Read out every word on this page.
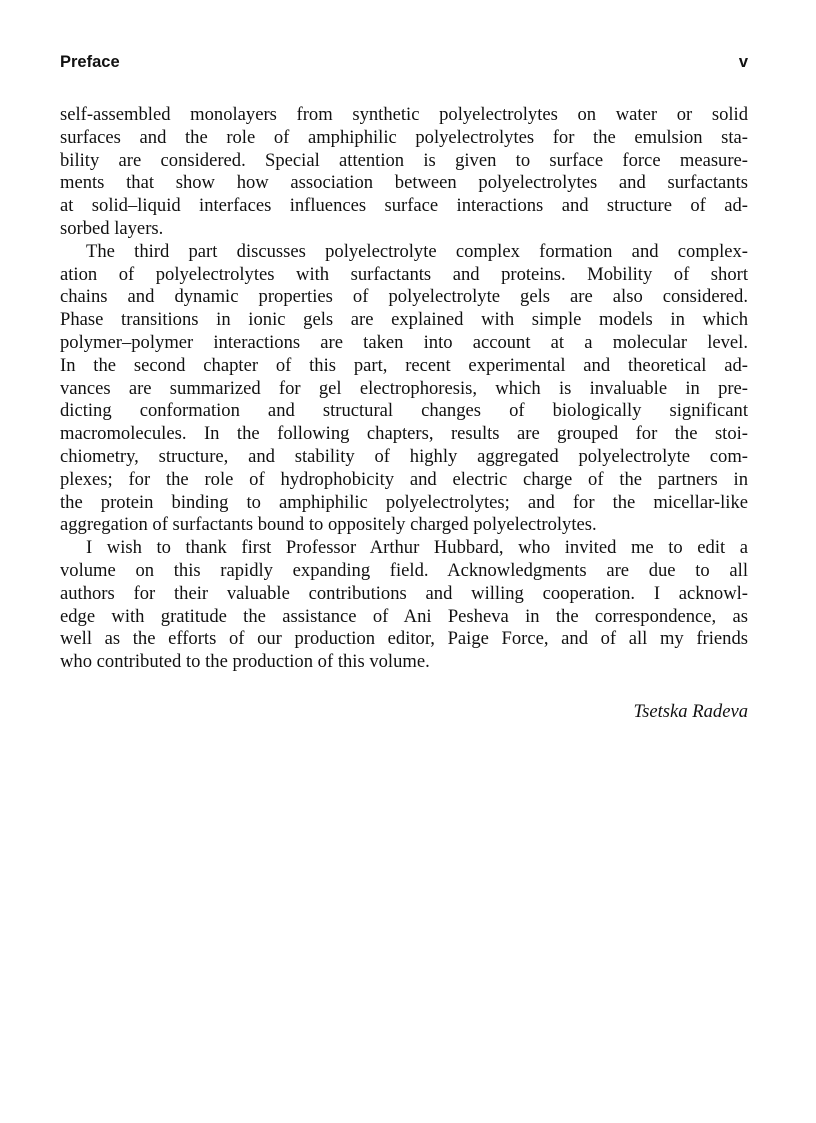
Preface	v
self-assembled monolayers from synthetic polyelectrolytes on water or solid
surfaces and the role of amphiphilic polyelectrolytes for the emulsion sta-
bility are considered. Special attention is given to surface force measure-
ments that show how association between polyelectrolytes and surfactants
at solid–liquid interfaces influences surface interactions and structure of ad-
sorbed layers.
The third part discusses polyelectrolyte complex formation and complex-
ation of polyelectrolytes with surfactants and proteins. Mobility of short
chains and dynamic properties of polyelectrolyte gels are also considered.
Phase transitions in ionic gels are explained with simple models in which
polymer–polymer interactions are taken into account at a molecular level.
In the second chapter of this part, recent experimental and theoretical ad-
vances are summarized for gel electrophoresis, which is invaluable in pre-
dicting conformation and structural changes of biologically significant
macromolecules. In the following chapters, results are grouped for the stoi-
chiometry, structure, and stability of highly aggregated polyelectrolyte com-
plexes; for the role of hydrophobicity and electric charge of the partners in
the protein binding to amphiphilic polyelectrolytes; and for the micellar-like
aggregation of surfactants bound to oppositely charged polyelectrolytes.
I wish to thank first Professor Arthur Hubbard, who invited me to edit a
volume on this rapidly expanding field. Acknowledgments are due to all
authors for their valuable contributions and willing cooperation. I acknowl-
edge with gratitude the assistance of Ani Pesheva in the correspondence, as
well as the efforts of our production editor, Paige Force, and of all my friends
who contributed to the production of this volume.
Tsetska Radeva
